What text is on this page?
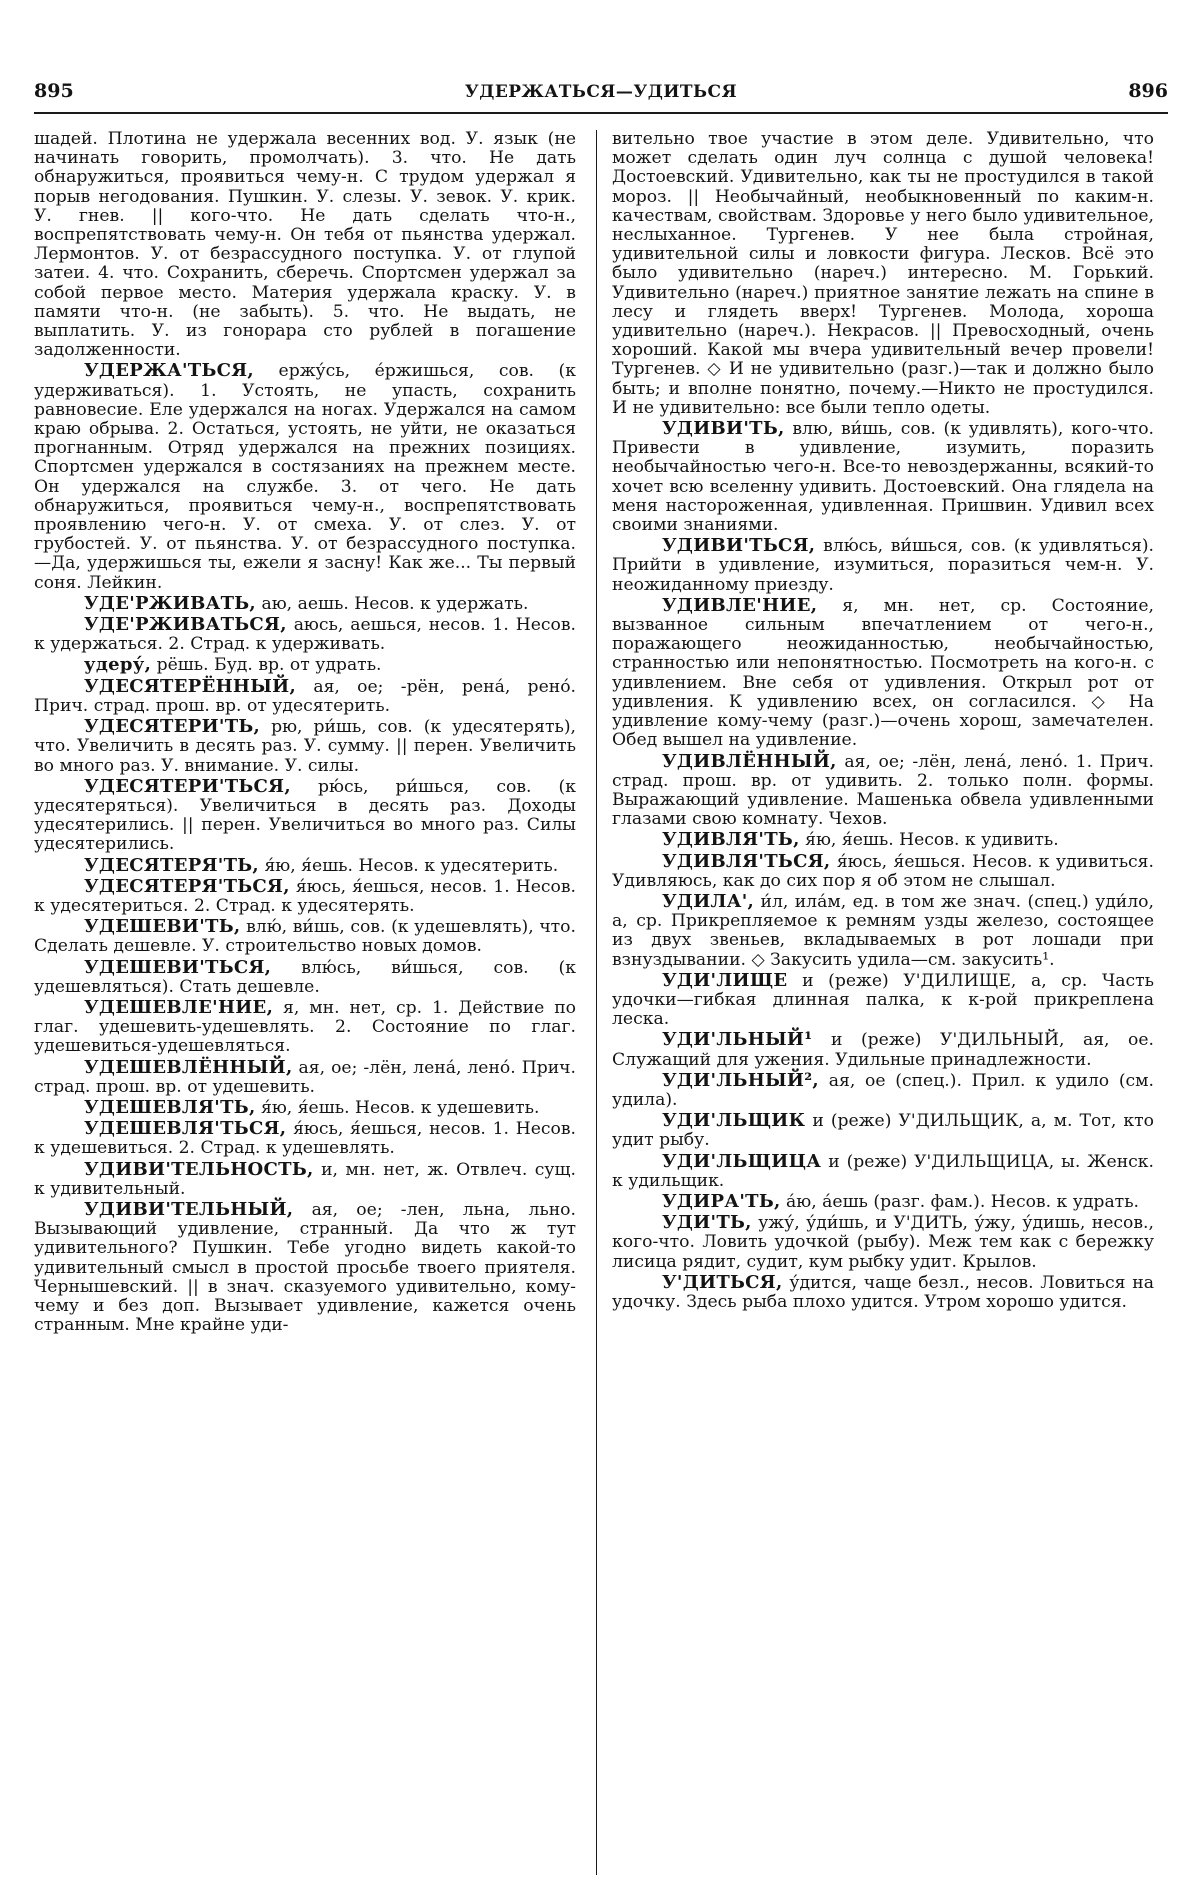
895	УДЕРЖАТЬСЯ—УДИТЬСЯ	896
шадей. Плотина не удержала весенних вод. У. язык (не начинать говорить, промолчать). 3. что. Не дать обнаружиться, проявиться чему-н. С трудом удержал я порыв негодования. Пушкин. У. слезы. У. зевок. У. крик. У. гнев. || кого-что. Не дать сделать что-н., воспрепятствовать чему-н. Он тебя от пьянства удержал. Лермонтов. У. от безрассудного поступка. У. от глупой затеи. 4. что. Сохранить, сберечь. Спортсмен удержал за собой первое место. Материя удержала краску. У. в памяти что-н. (не забыть). 5. что. Не выдать, не выплатить. У. из гонорара сто рублей в погашение задолженности.
УДЕРЖА'ТЬСЯ, ержу́сь, е́ржишься, сов. (к удерживаться). 1. Устоять, не упасть, сохранить равновесие. Еле удержался на ногах. Удержался на самом краю обрыва. 2. Остаться, устоять, не уйти, не оказаться прогнанным. Отряд удержался на прежних позициях. Спортсмен удержался в состязаниях на прежнем месте. Он удержался на службе. 3. от чего. Не дать обнаружиться, проявиться чему-н., воспрепятствовать проявлению чего-н. У. от смеха. У. от слез. У. от грубостей. У. от пьянства. У. от безрассудного поступка. —Да, удержишься ты, ежели я засну! Как же... Ты первый соня. Лейкин.
УДЕ'РЖИВАТЬ, аю, аешь. Несов. к удержать.
УДЕ'РЖИВАТЬСЯ, аюсь, аешься, несов. 1. Несов. к удержаться. 2. Страд. к удерживать.
удеру́, рёшь. Буд. вр. от удрать.
УДЕСЯТЕРЁННЫЙ, ая, ое; -рён, рена́, рено́. Прич. страд. прош. вр. от удесятерить.
УДЕСЯТЕРИ'ТЬ, рю, ри́шь, сов. (к удесятерять), что. Увеличить в десять раз. У. сумму. || перен. Увеличить во много раз. У. внимание. У. силы.
УДЕСЯТЕРИ'ТЬСЯ, рю́сь, ри́шься, сов. (к удесятеряться). Увеличиться в десять раз. Доходы удесятерились. || перен. Увеличиться во много раз. Силы удесятерились.
УДЕСЯТЕРЯ'ТЬ, я́ю, я́ешь. Несов. к удесятерить.
УДЕСЯТЕРЯ'ТЬСЯ, я́юсь, я́ешься, несов. 1. Несов. к удесятериться. 2. Страд. к удесятерять.
УДЕШЕВИ'ТЬ, влю́, ви́шь, сов. (к удешевлять), что. Сделать дешевле. У. строительство новых домов.
УДЕШЕВИ'ТЬСЯ, влю́сь, ви́шься, сов. (к удешевляться). Стать дешевле.
УДЕШЕВЛЕ'НИЕ, я, мн. нет, ср. 1. Действие по глаг. удешевить-удешевлять. 2. Состояние по глаг. удешевиться-удешевляться.
УДЕШЕВЛЁННЫЙ, ая, ое; -лён, лена́, лено́. Прич. страд. прош. вр. от удешевить.
УДЕШЕВЛЯ'ТЬ, я́ю, я́ешь. Несов. к удешевить.
УДЕШЕВЛЯ'ТЬСЯ, я́юсь, я́ешься, несов. 1. Несов. к удешевиться. 2. Страд. к удешевлять.
УДИВИ'ТЕЛЬНОСТЬ, и, мн. нет, ж. Отвлеч. сущ. к удивительный.
УДИВИ'ТЕЛЬНЫЙ, ая, ое; -лен, льна, льно. Вызывающий удивление, странный. Да что ж тут удивительного? Пушкин. Тебе угодно видеть какой-то удивительный смысл в простой просьбе твоего приятеля. Чернышевский. || в знач. сказуемого удивительно, кому-чему и без доп. Вызывает удивление, кажется очень странным. Мне крайне уди-
вительно твое участие в этом деле. Удивительно, что может сделать один луч солнца с душой человека! Достоевский. Удивительно, как ты не простудился в такой мороз. || Необычайный, необыкновенный по каким-н. качествам, свойствам. Здоровье у него было удивительное, неслыханное. Тургенев. У нее была стройная, удивительной силы и ловкости фигура. Лесков. Всё это было удивительно (нареч.) интересно. М. Горький. Удивительно (нареч.) приятное занятие лежать на спине в лесу и глядеть вверх! Тургенев. Молода, хороша удивительно (нареч.). Некрасов. || Превосходный, очень хороший. Какой мы вчера удивительный вечер провели! Тургенев. ◇ И не удивительно (разг.)—так и должно было быть; и вполне понятно, почему.—Никто не простудился. И не удивительно: все были тепло одеты.
УДИВИ'ТЬ, влю, ви́шь, сов. (к удивлять), кого-что. Привести в удивление, изумить, поразить необычайностью чего-н. Все-то невоздержанны, всякий-то хочет всю вселенну удивить. Достоевский. Она глядела на меня настороженная, удивленная. Пришвин. Удивил всех своими знаниями.
УДИВИ'ТЬСЯ, влю́сь, ви́шься, сов. (к удивляться). Прийти в удивление, изумиться, поразиться чем-н. У. неожиданному приезду.
УДИВЛЕ'НИЕ, я, мн. нет, ср. Состояние, вызванное сильным впечатлением от чего-н., поражающего неожиданностью, необычайностью, странностью или непонятностью. Посмотреть на кого-н. с удивлением. Вне себя от удивления. Открыл рот от удивления. К удивлению всех, он согласился. ◇ На удивление кому-чему (разг.)—очень хорош, замечателен. Обед вышел на удивление.
УДИВЛЁННЫЙ, ая, ое; -лён, лена́, лено́. 1. Прич. страд. прош. вр. от удивить. 2. только полн. формы. Выражающий удивление. Машенька обвела удивленными глазами свою комнату. Чехов.
УДИВЛЯ'ТЬ, я́ю, я́ешь. Несов. к удивить.
УДИВЛЯ'ТЬСЯ, я́юсь, я́ешься. Несов. к удивиться. Удивляюсь, как до сих пор я об этом не слышал.
УДИЛА', и́л, ила́м, ед. в том же знач. (спец.) уди́ло, а, ср. Прикрепляемое к ремням узды железо, состоящее из двух звеньев, вкладываемых в рот лошади при взнуздывании. ◇ Закусить удила—см. закусить¹.
УДИ'ЛИЩЕ и (реже) У'ДИЛИЩЕ, а, ср. Часть удочки—гибкая длинная палка, к к-рой прикреплена леска.
УДИ'ЛЬНЫЙ¹ и (реже) У'ДИЛЬНЫЙ, ая, ое. Служащий для ужения. Удильные принадлежности.
УДИ'ЛЬНЫЙ², ая, ое (спец.). Прил. к удило (см. удила).
УДИ'ЛЬЩИК и (реже) У'ДИЛЬЩИК, а, м. Тот, кто удит рыбу.
УДИ'ЛЬЩИЦА и (реже) У'ДИЛЬЩИЦА, ы. Женск. к удильщик.
УДИРА'ТЬ, а́ю, а́ешь (разг. фам.). Несов. к удрать.
УДИ'ТЬ, ужу́, у́ди́шь, и У'ДИТЬ, у́жу, у́дишь, несов., кого-что. Ловить удочкой (рыбу). Меж тем как с бережку лисица рядит, судит, кум рыбку удит. Крылов.
У'ДИТЬСЯ, у́дится, чаще безл., несов. Ловиться на удочку. Здесь рыба плохо удится. Утром хорошо удится.
